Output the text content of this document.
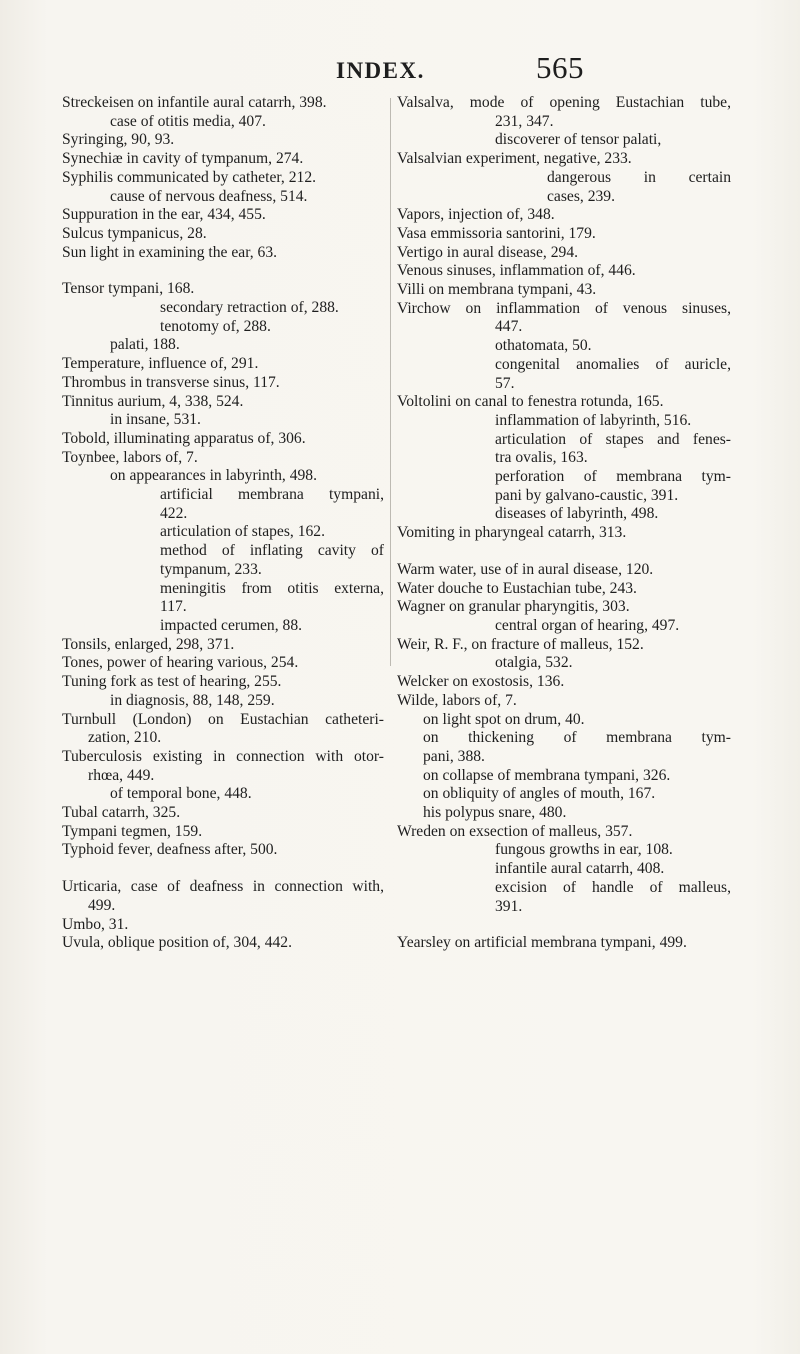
INDEX.	565
Streckeisen on infantile aural catarrh, 398.
case of otitis media, 407.
Syringing, 90, 93.
Synechiæ in cavity of tympanum, 274.
Syphilis communicated by catheter, 212.
cause of nervous deafness, 514.
Suppuration in the ear, 434, 455.
Sulcus tympanicus, 28.
Sun light in examining the ear, 63.
Tensor tympani, 168.
secondary retraction of, 288.
tenotomy of, 288.
palati, 188.
Temperature, influence of, 291.
Thrombus in transverse sinus, 117.
Tinnitus aurium, 4, 338, 524.
in insane, 531.
Tobold, illuminating apparatus of, 306.
Toynbee, labors of, 7.
on appearances in labyrinth, 498.
artificial membrana tympani,
422.
articulation of stapes, 162.
method of inflating cavity of
tympanum, 233.
meningitis from otitis externa,
117.
impacted cerumen, 88.
Tonsils, enlarged, 298, 371.
Tones, power of hearing various, 254.
Tuning fork as test of hearing, 255.
in diagnosis, 88, 148, 259.
Turnbull (London) on Eustachian catheteri-
zation, 210.
Tuberculosis existing in connection with otor-
rhœa, 449.
of temporal bone, 448.
Tubal catarrh, 325.
Tympani tegmen, 159.
Typhoid fever, deafness after, 500.
Urticaria, case of deafness in connection with,
499.
Umbo, 31.
Uvula, oblique position of, 304, 442.
Valsalva, mode of opening Eustachian tube,
231, 347.
discoverer of tensor palati,
Valsalvian experiment, negative, 233.
dangerous in certain
cases, 239.
Vapors, injection of, 348.
Vasa emmissoria santorini, 179.
Vertigo in aural disease, 294.
Venous sinuses, inflammation of, 446.
Villi on membrana tympani, 43.
Virchow on inflammation of venous sinuses,
447.
othatomata, 50.
congenital anomalies of auricle,
57.
Voltolini on canal to fenestra rotunda, 165.
inflammation of labyrinth, 516.
articulation of stapes and fenes-
tra ovalis, 163.
perforation of membrana tym-
pani by galvano-caustic, 391.
diseases of labyrinth, 498.
Vomiting in pharyngeal catarrh, 313.
Warm water, use of in aural disease, 120.
Water douche to Eustachian tube, 243.
Wagner on granular pharyngitis, 303.
central organ of hearing, 497.
Weir, R. F., on fracture of malleus, 152.
otalgia, 532.
Welcker on exostosis, 136.
Wilde, labors of, 7.
on light spot on drum, 40.
on thickening of membrana tym-
pani, 388.
on collapse of membrana tympani, 326.
on obliquity of angles of mouth, 167.
his polypus snare, 480.
Wreden on exsection of malleus, 357.
fungous growths in ear, 108.
infantile aural catarrh, 408.
excision of handle of malleus,
391.
Yearsley on artificial membrana tympani, 499.
